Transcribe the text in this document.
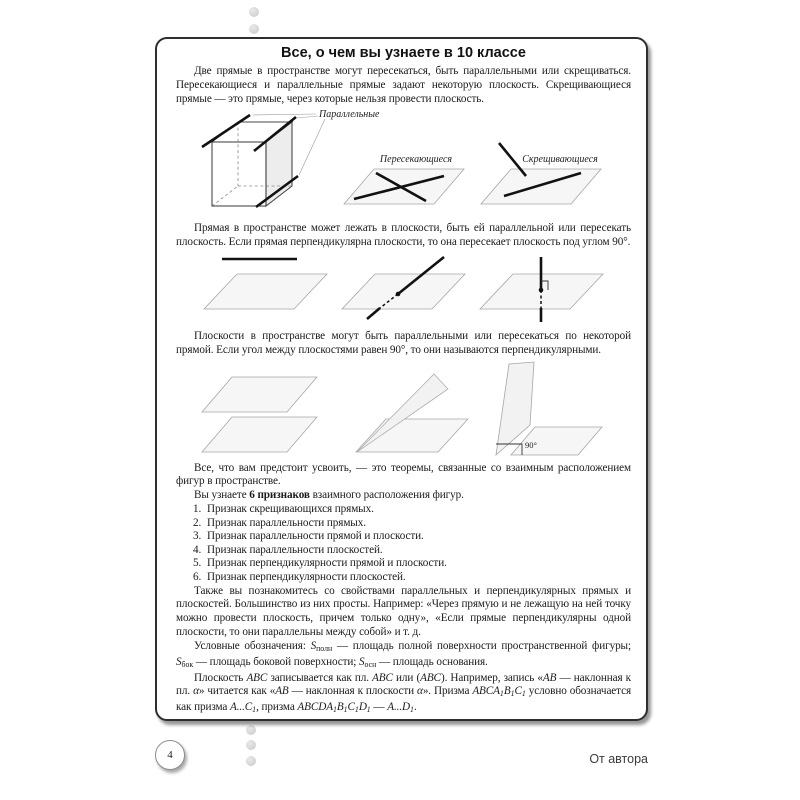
Все, о чем вы узнаете в 10 классе

Две прямые в пространстве могут пересекаться, быть параллельными или скрещиваться. Пересекающиеся и параллельные прямые задают некоторую плоскость. Скрещивающиеся прямые — это прямые, через которые нельзя провести плоскость.

Параллельные
Пересекающиеся	Скрещивающиеся

Прямая в пространстве может лежать в плоскости, быть ей параллельной или пересекать плоскость. Если прямая перпендикулярна плоскости, то она пересекает плоскость под углом 90°.

Плоскости в пространстве могут быть параллельными или пересекаться по некоторой прямой. Если угол между плоскостями равен 90°, то они называются перпендикулярными.

90°

Все, что вам предстоит усвоить, — это теоремы, связанные со взаимным расположением фигур в пространстве.

Вы узнаете 6 признаков взаимного расположения фигур.

Признак скрещивающихся прямых.
Признак параллельности прямых.
Признак параллельности прямой и плоскости.
Признак параллельности плоскостей.
Признак перпендикулярности прямой и плоскости.
Признак перпендикулярности плоскостей.

Также вы познакомитесь со свойствами параллельных и перпендикулярных прямых и плоскостей. Большинство из них просты. Например: «Через прямую и не лежащую на ней точку можно провести плоскость, причем только одну», «Если прямые перпендикулярны одной плоскости, то они параллельны между собой» и т. д.

Условные обозначения: Sполн — площадь полной поверхности пространственной фигуры; Sбок — площадь боковой поверхности; Sосн — площадь основания.

Плоскость ABC записывается как пл. ABC или (ABC). Например, запись «AB — наклонная к пл. α» читается как «AB — наклонная к плоскости α». Призма ABCA1B1C1 условно обозначается как призма A...C1, призма ABCDA1B1C1D1 — A...D1.

4	От автора
